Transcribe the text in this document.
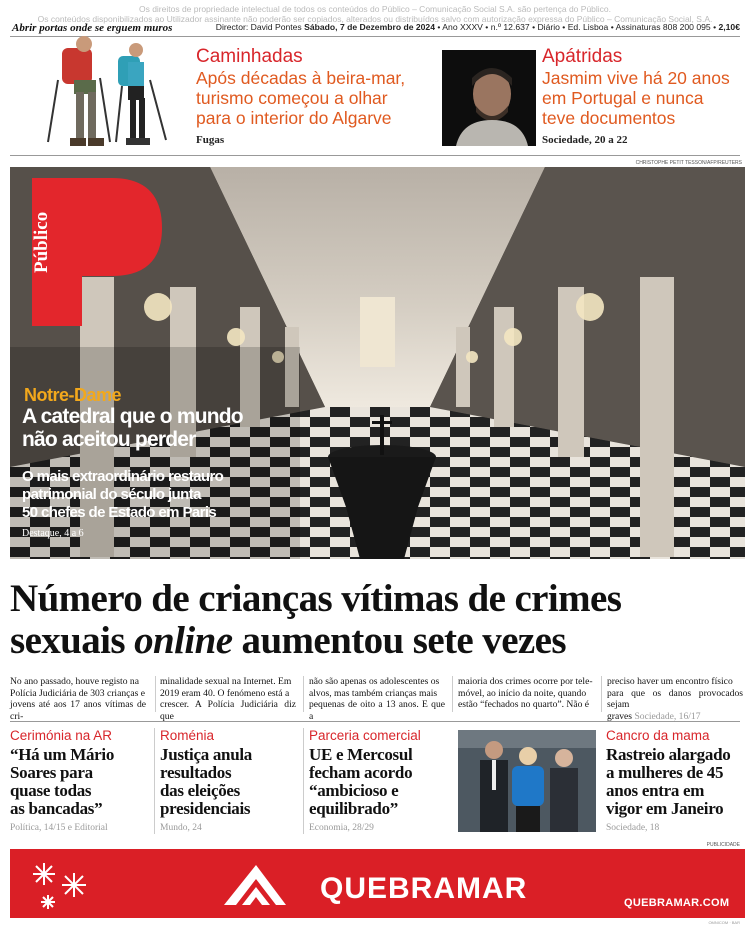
Os direitos de propriedade intelectual de todos os conteúdos do Público – Comunicação Social S.A. são pertença do Público.
Os conteúdos disponibilizados ao Utilizador assinante não poderão ser copiados, alterados ou distribuídos salvo com autorização expressa do Público – Comunicação Social, S.A.
Abrir portas onde se erguem muros	Director: David Pontes Sábado, 7 de Dezembro de 2024 • Ano XXXV • n.º 12.637 • Diário • Ed. Lisboa • Assinaturas 808 200 095 • 2,10€
Caminhadas
Após décadas à beira-mar,
turismo começou a olhar
para o interior do Algarve
Fugas
Apátridas
Jasmim vive há 20 anos
em Portugal e nunca
teve documentos
Sociedade, 20 a 22
CHRISTOPHE PETIT TESSON/AFP/REUTERS
Público
Notre-Dame
A catedral que o mundo
não aceitou perder
O mais extraordinário restauro
patrimonial do século junta
50 chefes de Estado em Paris
Destaque, 4 a 6
Número de crianças vítimas de crimes
sexuais online aumentou sete vezes
No ano passado, houve registo na
Polícia Judiciária de 303 crianças e
jovens até aos 17 anos vítimas de cri-
minalidade sexual na Internet. Em
2019 eram 40. O fenómeno está a
crescer. A Polícia Judiciária diz que
não são apenas os adolescentes os
alvos, mas também crianças mais
pequenas de oito a 13 anos. E que a
maioria dos crimes ocorre por tele-
móvel, ao início da noite, quando
estão “fechados no quarto”. Não é
preciso haver um encontro físico
para que os danos provocados sejam
graves Sociedade, 16/17
Cerimónia na AR
“Há um Mário
Soares para
quase todas
as bancadas”
Política, 14/15 e Editorial
Roménia
Justiça anula
resultados
das eleições
presidenciais
Mundo, 24
Parceria comercial
UE e Mercosul
fecham acordo
“ambicioso e
equilibrado”
Economia, 28/29
Cancro da mama
Rastreio alargado
a mulheres de 45
anos entra em
vigor em Janeiro
Sociedade, 18
PUBLICIDADE
QUEBRAMAR	QUEBRAMAR.COM
OMNICOM · BAR
